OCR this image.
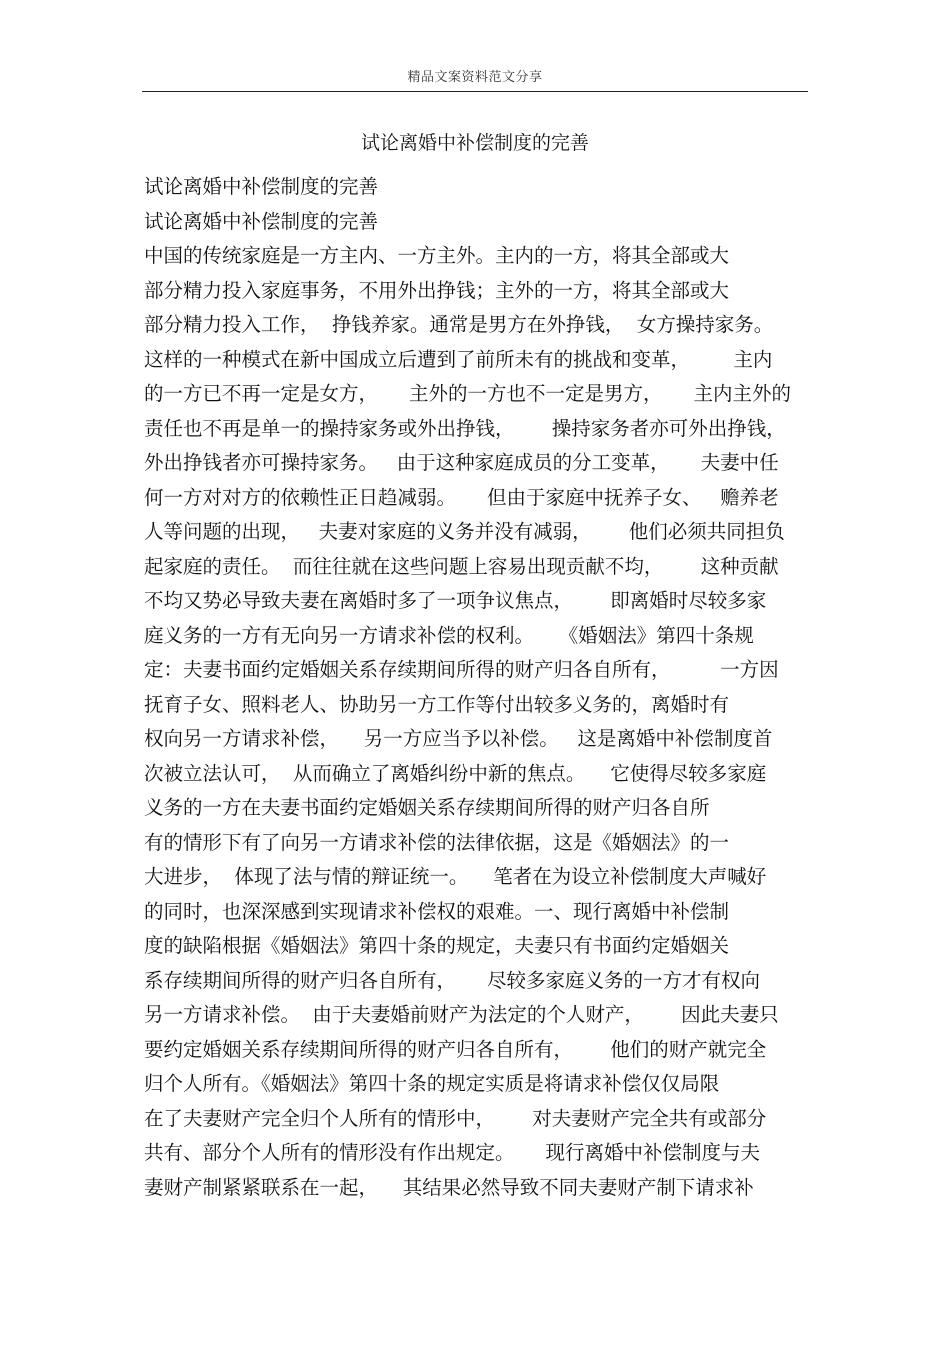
精品文案资料范文分享
试论离婚中补偿制度的完善
试论离婚中补偿制度的完善
试论离婚中补偿制度的完善
中国的传统家庭是一方主内、一方主外。主内的一方，将其全部或大
部分精力投入家庭事务，不用外出挣钱；主外的一方，将其全部或大
部分精力投入工作，  挣钱养家。通常是男方在外挣钱，  女方操持家务。
这样的一种模式在新中国成立后遭到了前所未有的挑战和变革，       主内
的一方已不再一定是女方，     主外的一方也不一定是男方，     主内主外的
责任也不再是单一的操持家务或外出挣钱，      操持家务者亦可外出挣钱，
外出挣钱者亦可操持家务。   由于这种家庭成员的分工变革，     夫妻中任
何一方对对方的依赖性正日趋减弱。     但由于家庭中抚养子女、   赡养老
人等问题的出现，   夫妻对家庭的义务并没有减弱，      他们必须共同担负
起家庭的责任。  而往往就在这些问题上容易出现贡献不均，      这种贡献
不均又势必导致夫妻在离婚时多了一项争议焦点，      即离婚时尽较多家
庭义务的一方有无向另一方请求补偿的权利。    《婚姻法》第四十条规
定：夫妻书面约定婚姻关系存续期间所得的财产归各自所有，        一方因
抚育子女、照料老人、协助另一方工作等付出较多义务的，离婚时有
权向另一方请求补偿，    另一方应当予以补偿。   这是离婚中补偿制度首
次被立法认可，  从而确立了离婚纠纷中新的焦点。    它使得尽较多家庭
义务的一方在夫妻书面约定婚姻关系存续期间所得的财产归各自所
有的情形下有了向另一方请求补偿的法律依据，这是《婚姻法》的一
大进步，  体现了法与情的辩证统一。    笔者在为设立补偿制度大声喊好
的同时，也深深感到实现请求补偿权的艰难。一、现行离婚中补偿制
度的缺陷根据《婚姻法》第四十条的规定，夫妻只有书面约定婚姻关
系存续期间所得的财产归各自所有，     尽较多家庭义务的一方才有权向
另一方请求补偿。  由于夫妻婚前财产为法定的个人财产，      因此夫妻只
要约定婚姻关系存续期间所得的财产归各自所有，      他们的财产就完全
归个人所有。《婚姻法》第四十条的规定实质是将请求补偿仅仅局限
在了夫妻财产完全归个人所有的情形中，      对夫妻财产完全共有或部分
共有、部分个人所有的情形没有作出规定。     现行离婚中补偿制度与夫
妻财产制紧紧联系在一起，    其结果必然导致不同夫妻财产制下请求补
